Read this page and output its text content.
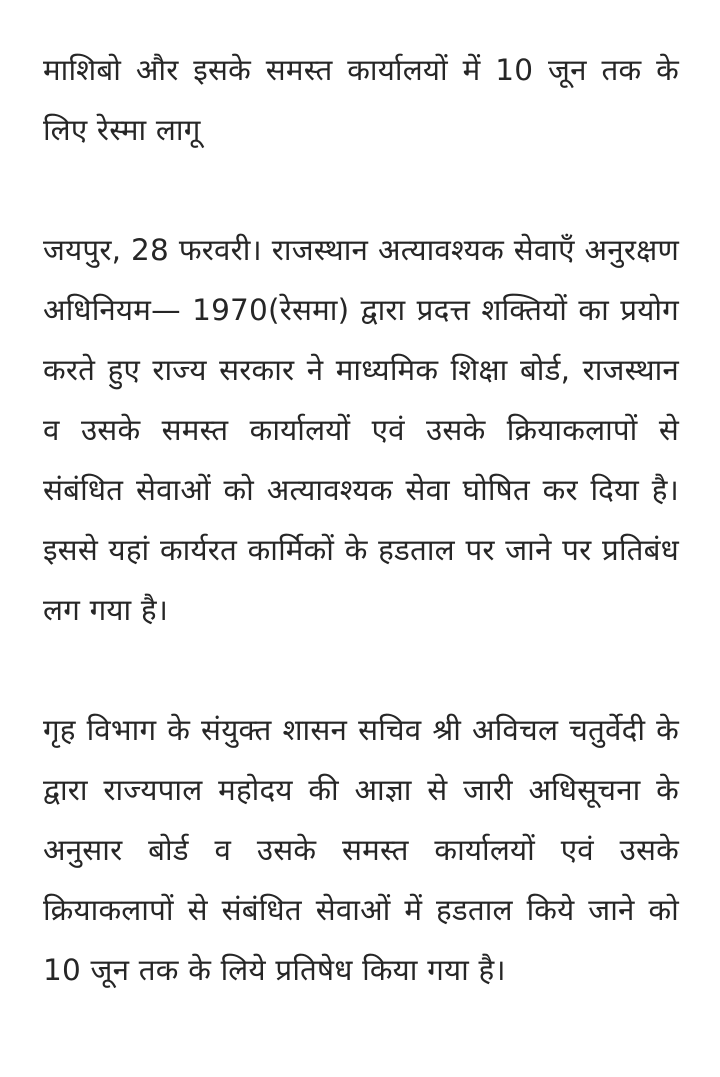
माशिबो और इसके समस्त कार्यालयों में 10 जून तक के लिए रेस्मा लागू

जयपुर, 28 फरवरी। राजस्थान अत्यावश्यक सेवाएँ अनुरक्षण अधिनियम— 1970(रेसमा) द्वारा प्रदत्त शक्तियों का प्रयोग करते हुए राज्य सरकार ने माध्यमिक शिक्षा बोर्ड, राजस्थान व उसके समस्त कार्यालयों एवं उसके क्रियाकलापों से संबंधित सेवाओं को अत्यावश्यक सेवा घोषित कर दिया है। इससे यहां कार्यरत कार्मिकों के हडताल पर जाने पर प्रतिबंध लग गया है।

गृह विभाग के संयुक्त शासन सचिव श्री अविचल चतुर्वेदी के द्वारा राज्यपाल महोदय की आज्ञा से जारी अधिसूचना के अनुसार बोर्ड व उसके समस्त कार्यालयों एवं उसके क्रियाकलापों से संबंधित सेवाओं में हडताल किये जाने को 10 जून तक के लिये प्रतिषेध किया गया है।
